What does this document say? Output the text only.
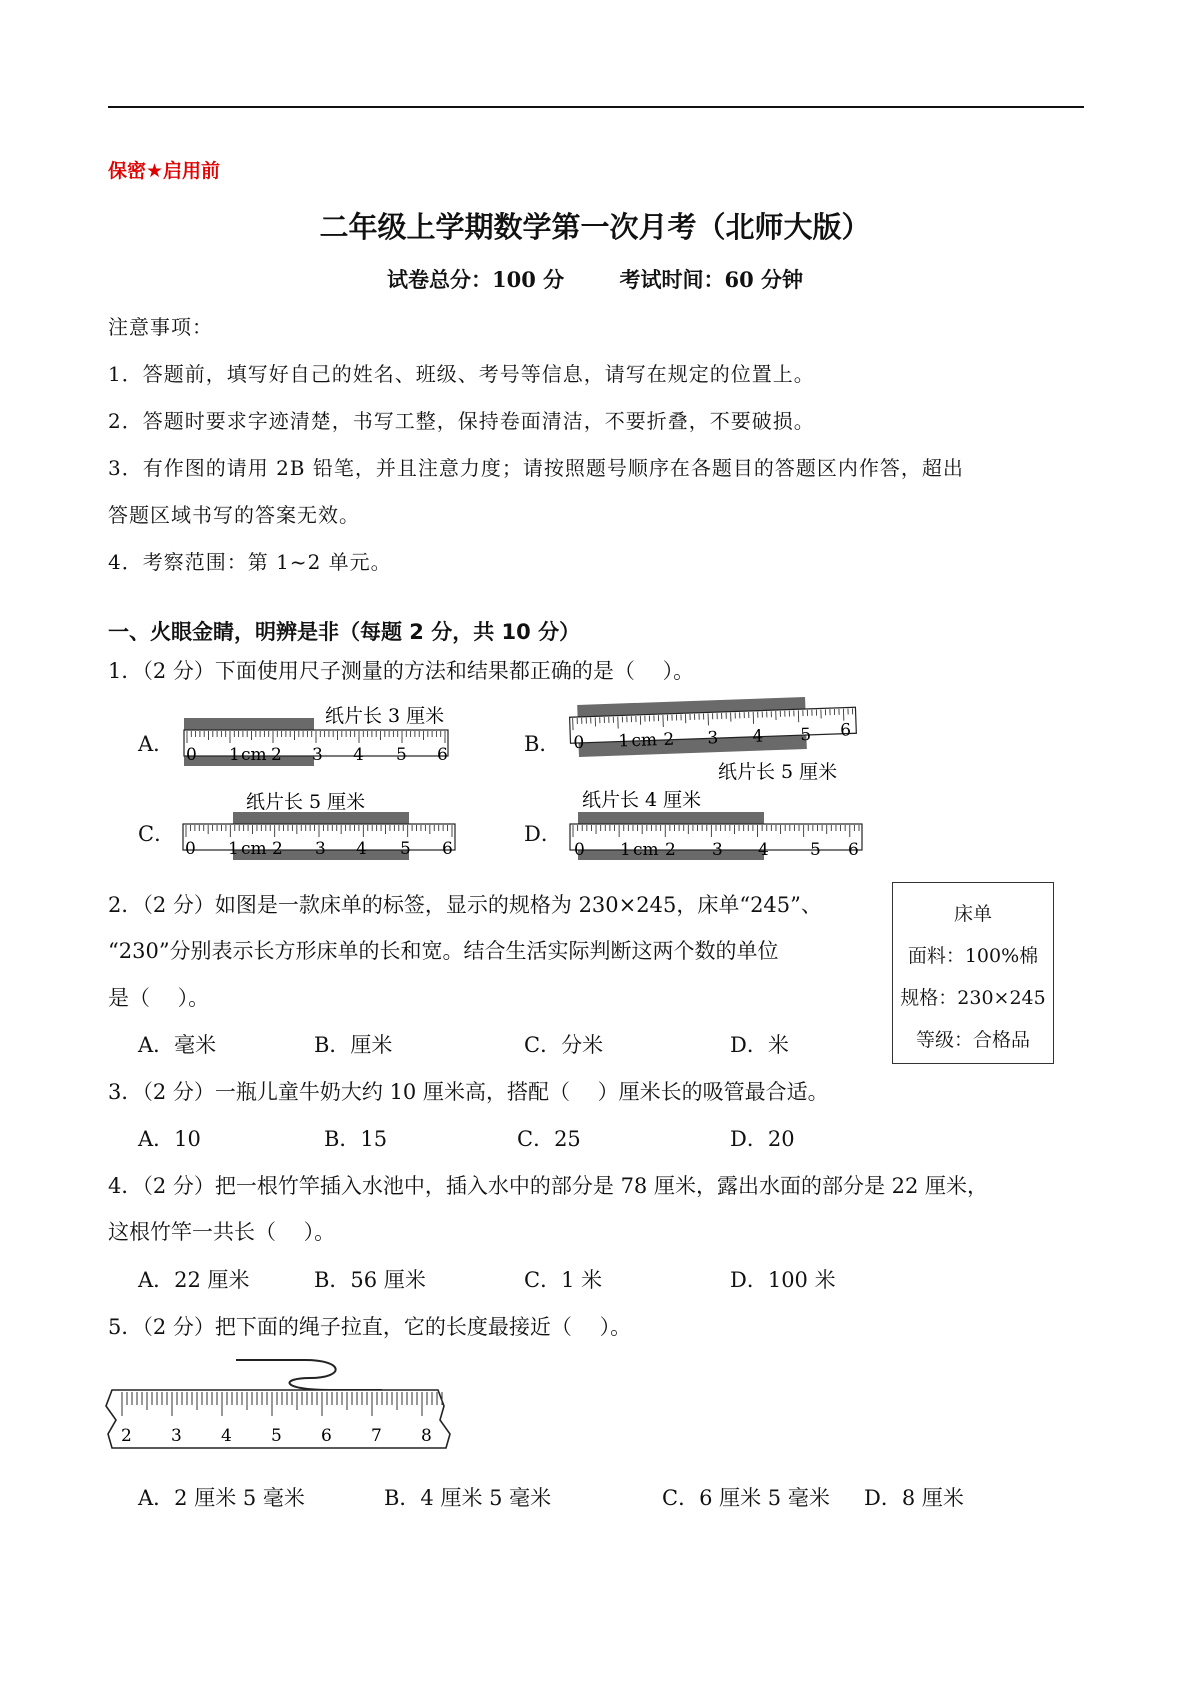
保密★启用前
二年级上学期数学第一次月考（北师大版）
试卷总分：100 分	考试时间：60 分钟
注意事项：
1．答题前，填写好自己的姓名、班级、考号等信息，请写在规定的位置上。
2．答题时要求字迹清楚，书写工整，保持卷面清洁，不要折叠，不要破损。
3．有作图的请用 2B 铅笔，并且注意力度；请按照题号顺序在各题目的答题区内作答，超出
答题区域书写的答案无效。
4．考察范围：第 1~2 单元。
一、火眼金睛，明辨是非（每题 2 分，共 10 分）
1．（2 分）下面使用尺子测量的方法和结果都正确的是（　 ）。
A．	B．
C．	D．
纸片长 3 厘米
0 1 cm 2 3 4 5 6
0 1 cm 2 3 4 5 6
纸片长 5 厘米
纸片长 5 厘米
0 1 cm 2 3 4 5 6
纸片长 4 厘米
0 1 cm 2 3 4 5 6
2．（2 分）如图是一款床单的标签，显示的规格为 230×245，床单“245”、
“230”分别表示长方形床单的长和宽。结合生活实际判断这两个数的单位
是（　 ）。
A．毫米	B．厘米	C．分米	D．米
床单
面料：100%棉
规格：230×245
等级：合格品
3．（2 分）一瓶儿童牛奶大约 10 厘米高，搭配（　 ）厘米长的吸管最合适。
A．10	B．15	C．25	D．20
4．（2 分）把一根竹竿插入水池中，插入水中的部分是 78 厘米，露出水面的部分是 22 厘米，
这根竹竿一共长（　 ）。
A．22 厘米	B．56 厘米	C．1 米	D．100 米
5．（2 分）把下面的绳子拉直，它的长度最接近（　 ）。
2 3 4 5 6 7 8
A．2 厘米 5 毫米	B．4 厘米 5 毫米	C．6 厘米 5 毫米 D．8 厘米
